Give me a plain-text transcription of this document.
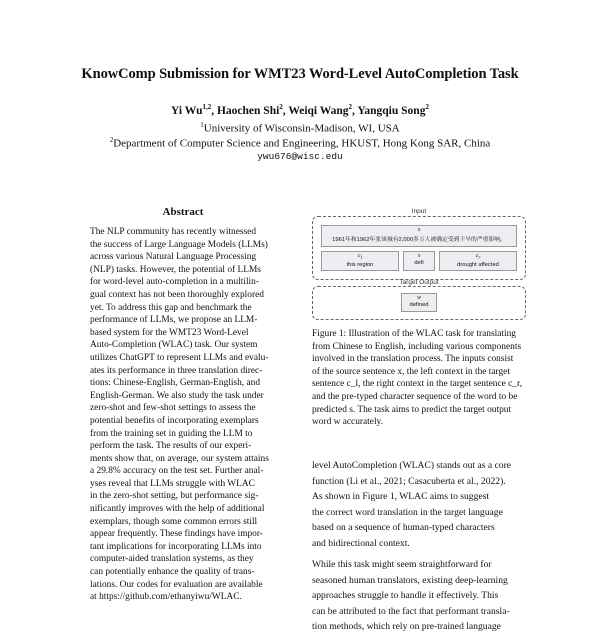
KnowComp Submission for WMT23 Word-Level AutoCompletion Task
Yi Wu$^{1,2}$, Haochen Shi$^2$, Weiqi Wang$^2$, Yangqiu Song$^2$
$^1$University of Wisconsin-Madison, WI, USA
$^2$Department of Computer Science and Engineering, HKUST, Hong Kong SAR, China
ywu676@wisc.edu
Abstract
The NLP community has recently witnessed
the success of Large Language Models (LLMs)
across various Natural Language Processing
(NLP) tasks. However, the potential of LLMs
for word-level auto-completion in a multilin-
gual context has not been thoroughly explored
yet. To address this gap and benchmark the
performance of LLMs, we propose an LLM-
based system for the WMT23 Word-Level
Auto-Completion (WLAC) task. Our system
utilizes ChatGPT to represent LLMs and evalu-
ates its performance in three translation direc-
tions: Chinese-English, German-English, and
English-German. We also study the task under
zero-shot and few-shot settings to assess the
potential benefits of incorporating exemplars
from the training set in guiding the LLM to
perform the task. The results of our experi-
ments show that, on average, our system attains
a 29.8% accuracy on the test set. Further anal-
yses reveal that LLMs struggle with WLAC
in the zero-shot setting, but performance sig-
nificantly improves with the help of additional
exemplars, though some common errors still
appear frequently. These findings have impor-
tant implications for incorporating LLMs into
computer-aided translation systems, as they
can potentially enhance the quality of trans-
lations. Our codes for evaluation are available
at https://github.com/ethanyiwu/WLAC.
Input
x
1961年和1962年张该城有2,000多万人被确定受到干旱的严重影响。
$c_l$
this region
s
defi
$c_r$
drought affected
Target Output
w
defined
Figure 1: Illustration of the WLAC task for translating
from Chinese to English, including various components
involved in the translation process. The inputs consist
of the source sentence x, the left context in the target
sentence c_l, the right context in the target sentence c_r,
and the pre-typed character sequence of the word to be
predicted s. The task aims to predict the target output
word w accurately.
level AutoCompletion (WLAC) stands out as a core
function (Li et al., 2021; Casacuberta et al., 2022).
As shown in Figure 1, WLAC aims to suggest
the correct word translation in the target language
based on a sequence of human-typed characters
and bidirectional context.
While this task might seem straightforward for
seasoned human translators, existing deep-learning
approaches struggle to handle it effectively. This
can be attributed to the fact that performant transla-
tion methods, which rely on pre-trained language
